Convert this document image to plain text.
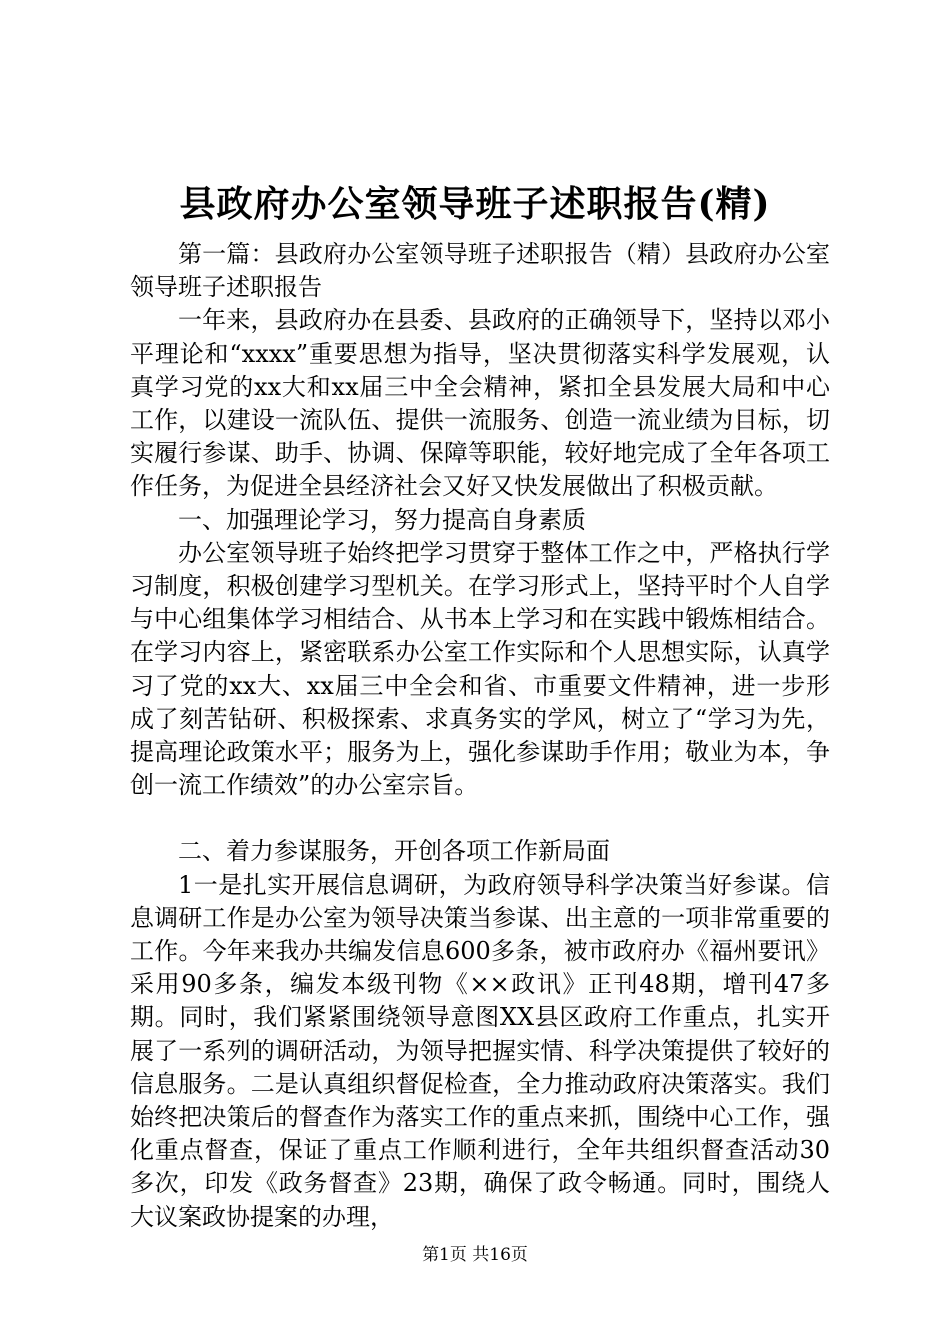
县政府办公室领导班子述职报告(精)

第一篇：县政府办公室领导班子述职报告（精）县政府办公室领导班子述职报告

一年来，县政府办在县委、县政府的正确领导下，坚持以邓小平理论和“xxxx”重要思想为指导，坚决贯彻落实科学发展观，认真学习党的xx大和xx届三中全会精神，紧扣全县发展大局和中心工作，以建设一流队伍、提供一流服务、创造一流业绩为目标，切实履行参谋、助手、协调、保障等职能，较好地完成了全年各项工作任务，为促进全县经济社会又好又快发展做出了积极贡献。

一、加强理论学习，努力提高自身素质

办公室领导班子始终把学习贯穿于整体工作之中，严格执行学习制度，积极创建学习型机关。在学习形式上，坚持平时个人自学与中心组集体学习相结合、从书本上学习和在实践中锻炼相结合。在学习内容上，紧密联系办公室工作实际和个人思想实际，认真学习了党的xx大、xx届三中全会和省、市重要文件精神，进一步形成了刻苦钻研、积极探索、求真务实的学风，树立了“学习为先，提高理论政策水平；服务为上，强化参谋助手作用；敬业为本，争创一流工作绩效”的办公室宗旨。

二、着力参谋服务，开创各项工作新局面

1一是扎实开展信息调研，为政府领导科学决策当好参谋。信息调研工作是办公室为领导决策当参谋、出主意的一项非常重要的工作。今年来我办共编发信息600多条，被市政府办《福州要讯》采用90多条，编发本级刊物《××政讯》正刊48期，增刊47多期。同时，我们紧紧围绕领导意图XX县区政府工作重点，扎实开展了一系列的调研活动，为领导把握实情、科学决策提供了较好的信息服务。二是认真组织督促检查，全力推动政府决策落实。我们始终把决策后的督查作为落实工作的重点来抓，围绕中心工作，强化重点督查，保证了重点工作顺利进行，全年共组织督查活动30多次，印发《政务督查》23期，确保了政令畅通。同时，围绕人大议案政协提案的办理，

第1页 共16页
